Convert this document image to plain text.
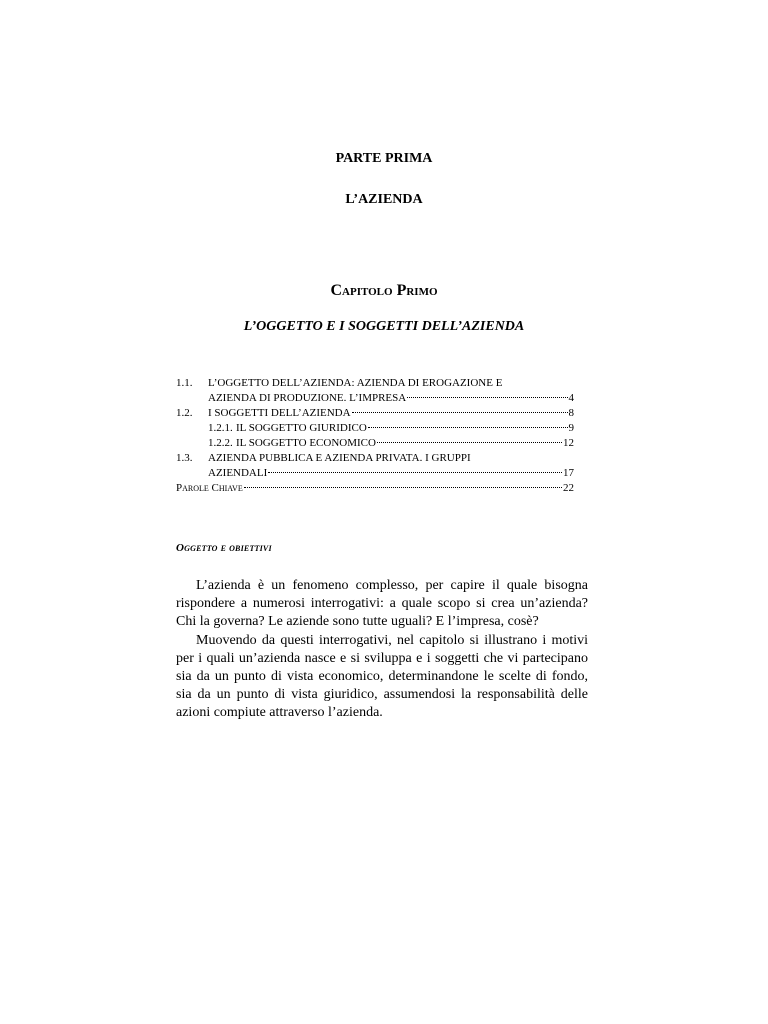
PARTE PRIMA
L’AZIENDA
Capitolo Primo
L’OGGETTO E I SOGGETTI DELL’AZIENDA
1.1.	L’OGGETTO DELL’AZIENDA: AZIENDA DI EROGAZIONE E
AZIENDA DI PRODUZIONE. L’IMPRESA	4
1.2.	I SOGGETTI DELL’AZIENDA	8
1.2.1. IL SOGGETTO GIURIDICO	9
1.2.2. IL SOGGETTO ECONOMICO	12
1.3.	AZIENDA PUBBLICA E AZIENDA PRIVATA. I GRUPPI
AZIENDALI	17
Parole Chiave	22
Oggetto e obiettivi

L’azienda è un fenomeno complesso, per capire il quale bisogna rispondere a numerosi interrogativi: a quale scopo si crea un’azienda? Chi la governa? Le aziende sono tutte uguali? E l’impresa, cosè?

Muovendo da questi interrogativi, nel capitolo si illustrano i motivi per i quali un’azienda nasce e si sviluppa e i soggetti che vi partecipano sia da un punto di vista economico, determinandone le scelte di fondo, sia da un punto di vista giuridico, assumendosi la responsabilità delle azioni compiute attraverso l’azienda.
